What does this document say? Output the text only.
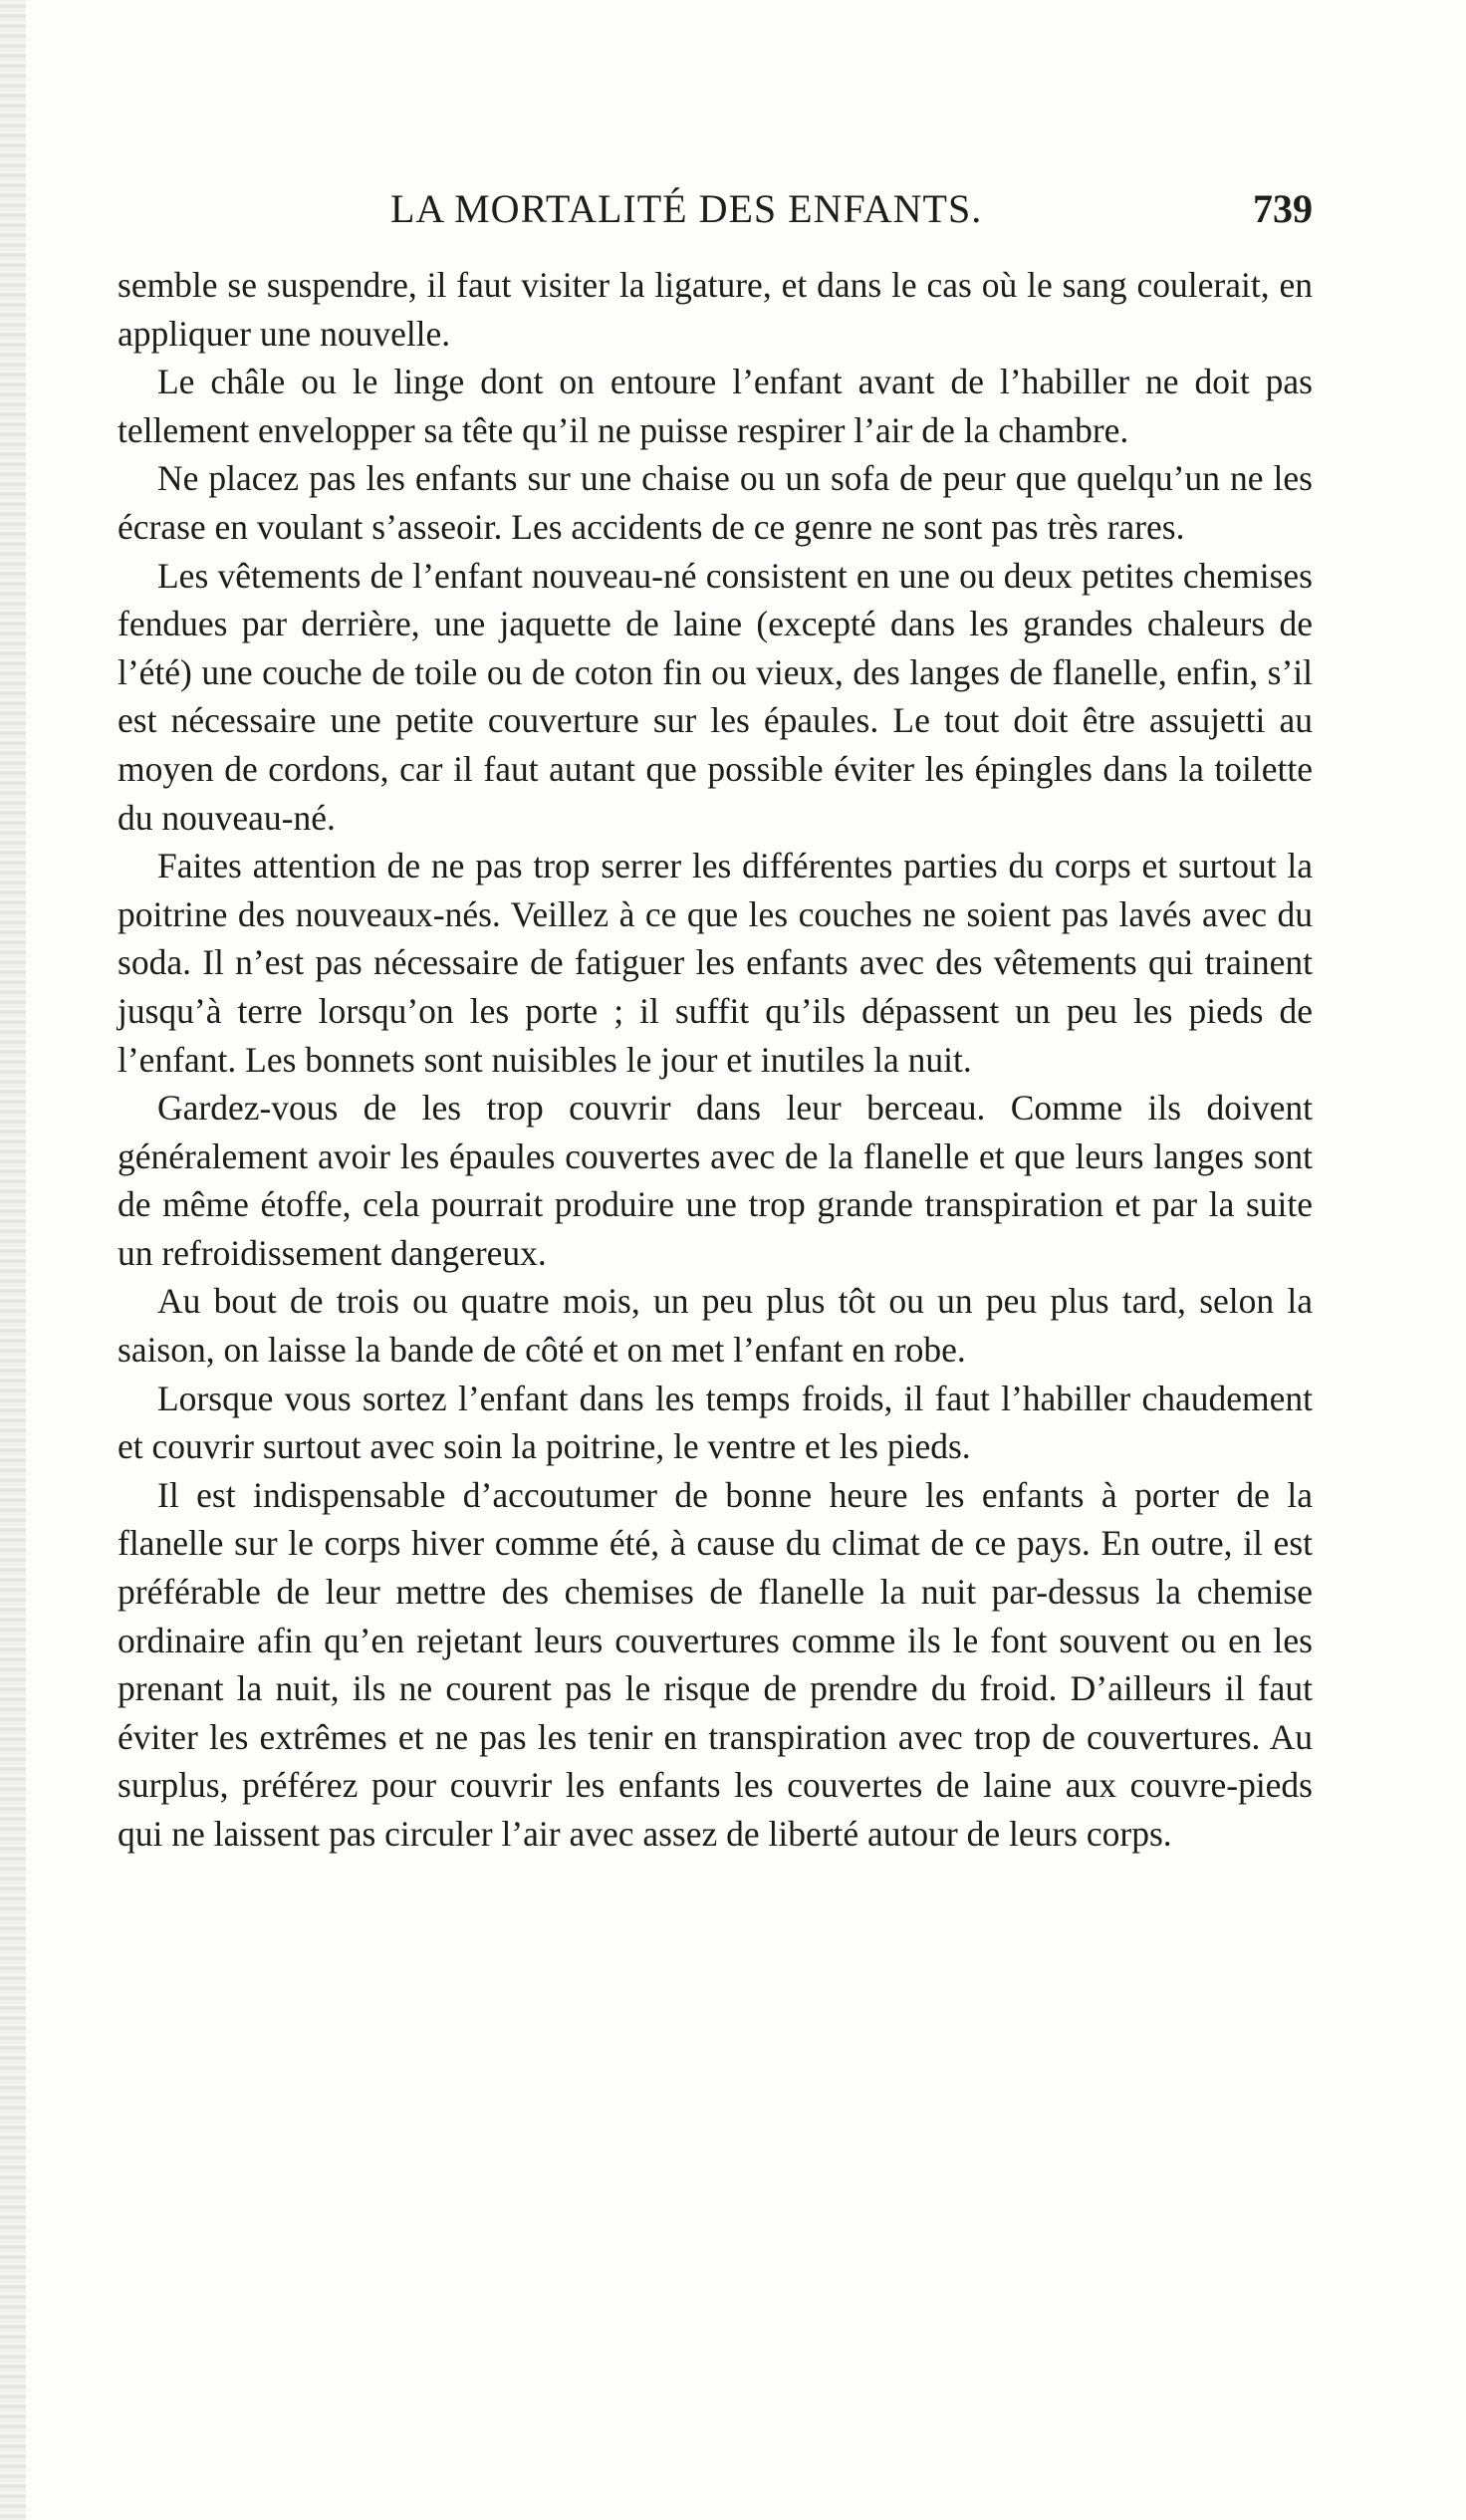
LA MORTALITÉ DES ENFANTS.	739

semble se suspendre, il faut visiter la ligature, et dans le cas où le sang coulerait, en appliquer une nouvelle.

Le châle ou le linge dont on entoure l’enfant avant de l’habiller ne doit pas tellement envelopper sa tête qu’il ne puisse respirer l’air de la chambre.

Ne placez pas les enfants sur une chaise ou un sofa de peur que quelqu’un ne les écrase en voulant s’asseoir. Les accidents de ce genre ne sont pas très rares.

Les vêtements de l’enfant nouveau-né consistent en une ou deux petites chemises fendues par derrière, une jaquette de laine (excepté dans les grandes chaleurs de l’été) une couche de toile ou de coton fin ou vieux, des langes de flanelle, enfin, s’il est nécessaire une petite couverture sur les épaules. Le tout doit être assujetti au moyen de cordons, car il faut autant que possible éviter les épingles dans la toilette du nouveau-né.

Faites attention de ne pas trop serrer les différentes parties du corps et surtout la poitrine des nouveaux-nés. Veillez à ce que les couches ne soient pas lavés avec du soda. Il n’est pas nécessaire de fatiguer les enfants avec des vêtements qui trainent jusqu’à terre lorsqu’on les porte ; il suffit qu’ils dépassent un peu les pieds de l’enfant. Les bonnets sont nuisibles le jour et inutiles la nuit.

Gardez-vous de les trop couvrir dans leur berceau. Comme ils doivent généralement avoir les épaules couvertes avec de la flanelle et que leurs langes sont de même étoffe, cela pourrait produire une trop grande transpiration et par la suite un refroidissement dangereux.

Au bout de trois ou quatre mois, un peu plus tôt ou un peu plus tard, selon la saison, on laisse la bande de côté et on met l’enfant en robe.

Lorsque vous sortez l’enfant dans les temps froids, il faut l’habiller chaudement et couvrir surtout avec soin la poitrine, le ventre et les pieds.

Il est indispensable d’accoutumer de bonne heure les enfants à porter de la flanelle sur le corps hiver comme été, à cause du climat de ce pays. En outre, il est préférable de leur mettre des chemises de flanelle la nuit par-dessus la chemise ordinaire afin qu’en rejetant leurs couvertures comme ils le font souvent ou en les prenant la nuit, ils ne courent pas le risque de prendre du froid. D’ailleurs il faut éviter les extrêmes et ne pas les tenir en transpiration avec trop de couvertures. Au surplus, préférez pour couvrir les enfants les couvertes de laine aux couvre-pieds qui ne laissent pas circuler l’air avec assez de liberté autour de leurs corps.
